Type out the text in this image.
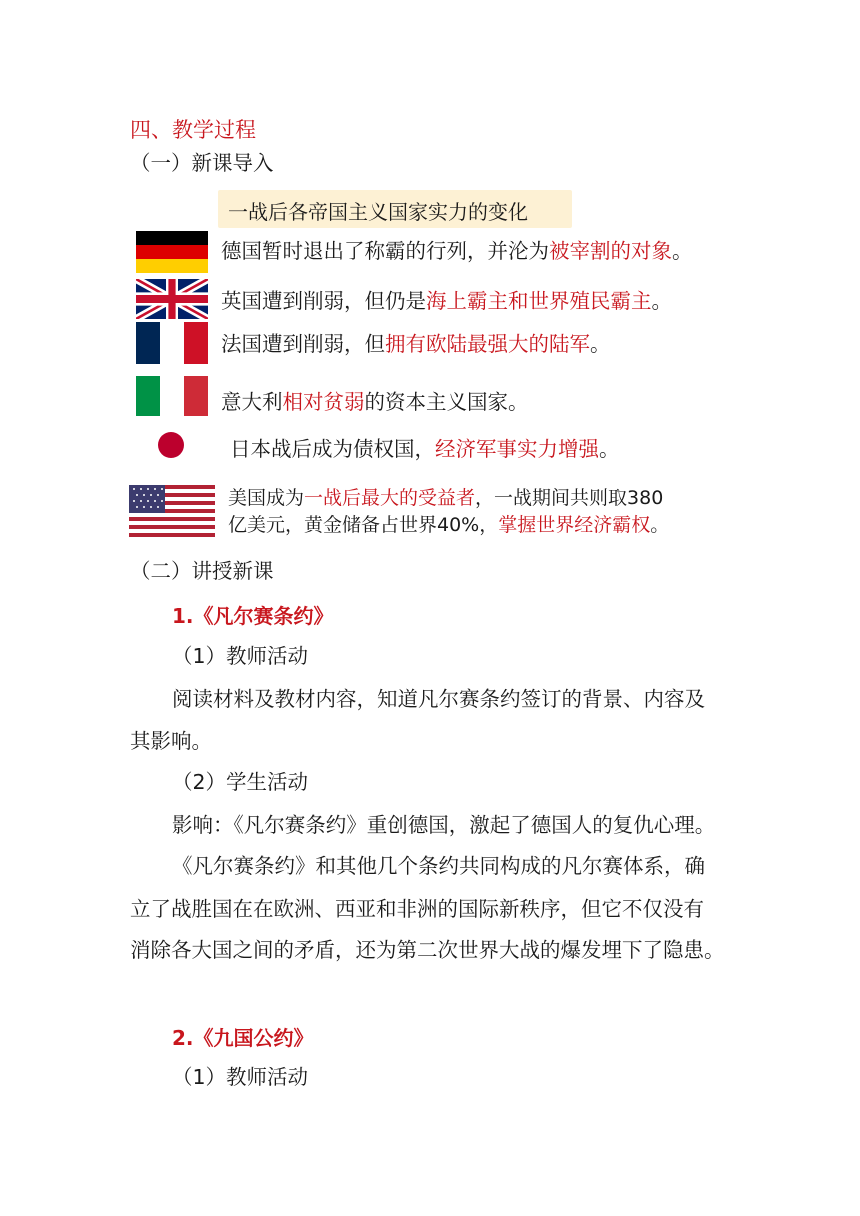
四、教学过程
（一）新课导入
一战后各帝国主义国家实力的变化
德国暂时退出了称霸的行列，并沦为被宰割的对象。
英国遭到削弱，但仍是海上霸主和世界殖民霸主。
法国遭到削弱，但拥有欧陆最强大的陆军。
意大利相对贫弱的资本主义国家。
日本战后成为债权国，经济军事实力增强。
美国成为一战后最大的受益者，一战期间共则取380
亿美元，黄金储备占世界40%，掌握世界经济霸权。
（二）讲授新课
1.《凡尔赛条约》
（1）教师活动
阅读材料及教材内容，知道凡尔赛条约签订的背景、内容及
其影响。
（2）学生活动
影响：《凡尔赛条约》重创德国，激起了德国人的复仇心理。
《凡尔赛条约》和其他几个条约共同构成的凡尔赛体系，确
立了战胜国在在欧洲、西亚和非洲的国际新秩序，但它不仅没有
消除各大国之间的矛盾，还为第二次世界大战的爆发埋下了隐患。
2.《九国公约》
（1）教师活动
